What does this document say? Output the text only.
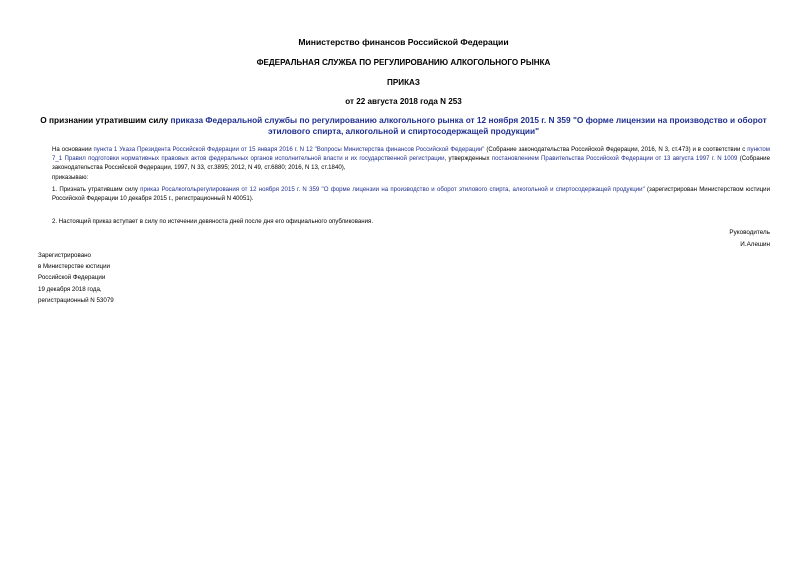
Министерство финансов Российской Федерации
ФЕДЕРАЛЬНАЯ СЛУЖБА ПО РЕГУЛИРОВАНИЮ АЛКОГОЛЬНОГО РЫНКА
ПРИКАЗ
от 22 августа 2018 года N 253
О признании утратившим силу приказа Федеральной службы по регулированию алкогольного рынка от 12 ноября 2015 г. N 359 "О форме лицензии на производство и оборот этилового спирта, алкогольной и спиртосодержащей продукции"
На основании пункта 1 Указа Президента Российской Федерации от 15 января 2016 г. N 12 "Вопросы Министерства финансов Российской Федерации" (Собрание законодательства Российской Федерации, 2016, N 3, ст.473) и в соответствии с пунктом 7_1 Правил подготовки нормативных правовых актов федеральных органов исполнительной власти и их государственной регистрации, утвержденных постановлением Правительства Российской Федерации от 13 августа 1997 г. N 1009 (Собрание законодательства Российской Федерации, 1997, N 33, ст.3895; 2012, N 49, ст.6880; 2016, N 13, ст.1840),
приказываю:
1. Признать утратившим силу приказ Росалкогольрегулирования от 12 ноября 2015 г. N 359 "О форме лицензии на производство и оборот этилового спирта, алкогольной и спиртосодержащей продукции" (зарегистрирован Министерством юстиции Российской Федерации 10 декабря 2015 г., регистрационный N 40051).
2. Настоящий приказ вступает в силу по истечении девяноста дней после дня его официального опубликования.
Руководитель
И.Алешин
Зарегистрировано
в Министерстве юстиции
Российской Федерации
19 декабря 2018 года,
регистрационный N 53079
